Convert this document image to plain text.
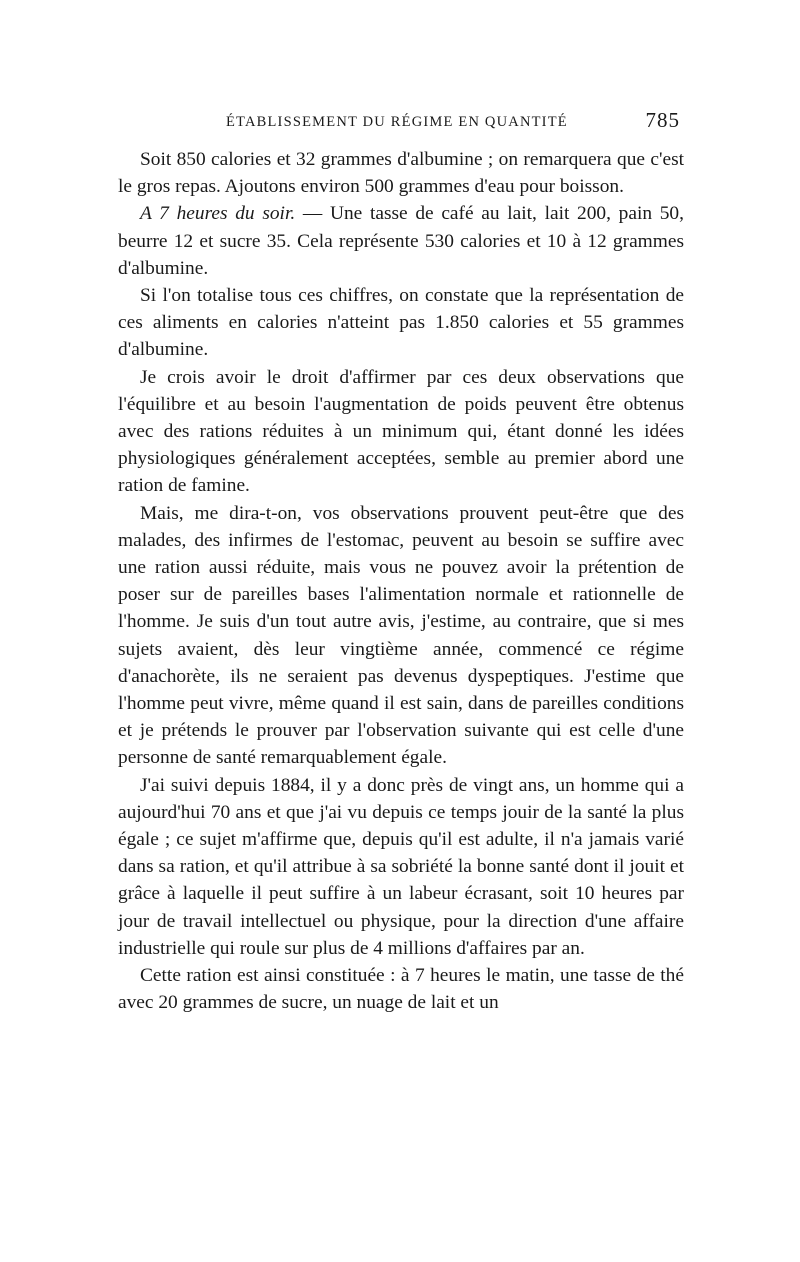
ÉTABLISSEMENT DU RÉGIME EN QUANTITÉ	785

Soit 850 calories et 32 grammes d'albumine ; on remarquera que c'est le gros repas. Ajoutons environ 500 grammes d'eau pour boisson.

A 7 heures du soir. — Une tasse de café au lait, lait 200, pain 50, beurre 12 et sucre 35. Cela représente 530 calories et 10 à 12 grammes d'albumine.

Si l'on totalise tous ces chiffres, on constate que la représentation de ces aliments en calories n'atteint pas 1.850 calories et 55 grammes d'albumine.

Je crois avoir le droit d'affirmer par ces deux observations que l'équilibre et au besoin l'augmentation de poids peuvent être obtenus avec des rations réduites à un minimum qui, étant donné les idées physiologiques généralement acceptées, semble au premier abord une ration de famine.

Mais, me dira-t-on, vos observations prouvent peut-être que des malades, des infirmes de l'estomac, peuvent au besoin se suffire avec une ration aussi réduite, mais vous ne pouvez avoir la prétention de poser sur de pareilles bases l'alimentation normale et rationnelle de l'homme. Je suis d'un tout autre avis, j'estime, au contraire, que si mes sujets avaient, dès leur vingtième année, commencé ce régime d'anachorète, ils ne seraient pas devenus dyspeptiques. J'estime que l'homme peut vivre, même quand il est sain, dans de pareilles conditions et je prétends le prouver par l'observation suivante qui est celle d'une personne de santé remarquablement égale.

J'ai suivi depuis 1884, il y a donc près de vingt ans, un homme qui a aujourd'hui 70 ans et que j'ai vu depuis ce temps jouir de la santé la plus égale ; ce sujet m'affirme que, depuis qu'il est adulte, il n'a jamais varié dans sa ration, et qu'il attribue à sa sobriété la bonne santé dont il jouit et grâce à laquelle il peut suffire à un labeur écrasant, soit 10 heures par jour de travail intellectuel ou physique, pour la direction d'une affaire industrielle qui roule sur plus de 4 millions d'affaires par an.

Cette ration est ainsi constituée : à 7 heures le matin, une tasse de thé avec 20 grammes de sucre, un nuage de lait et un
